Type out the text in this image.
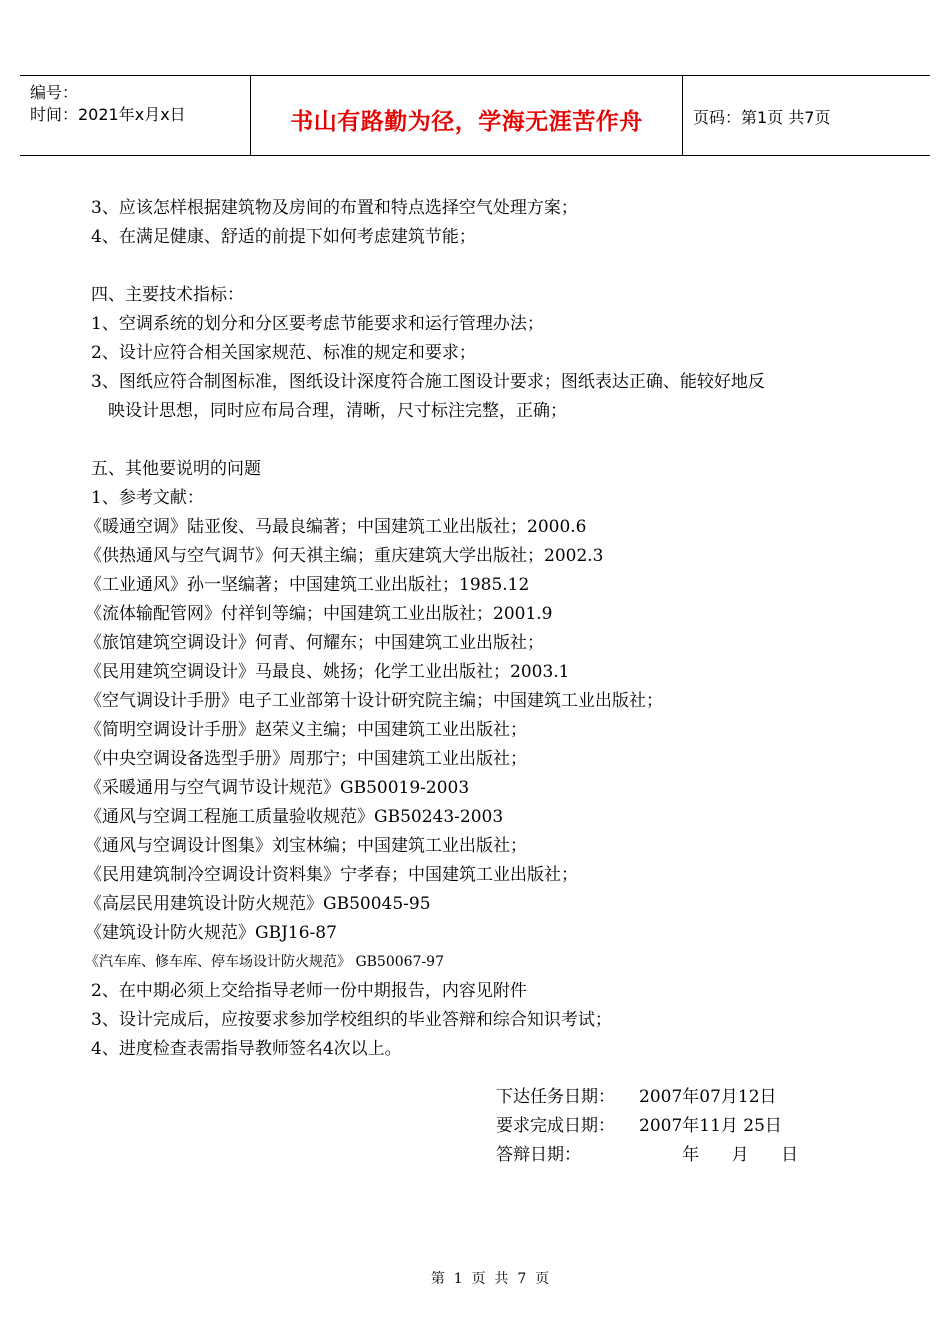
编号：
时间：2021年x月x日	书山有路勤为径，学海无涯苦作舟	页码：第1页 共7页
3、应该怎样根据建筑物及房间的布置和特点选择空气处理方案；
4、在满足健康、舒适的前提下如何考虑建筑节能；
四、主要技术指标：
1、空调系统的划分和分区要考虑节能要求和运行管理办法；
2、设计应符合相关国家规范、标准的规定和要求；
3、图纸应符合制图标准，图纸设计深度符合施工图设计要求；图纸表达正确、能较好地反
映设计思想，同时应布局合理，清晰，尺寸标注完整，正确；
五、其他要说明的问题
1、参考文献：
《暖通空调》陆亚俊、马最良编著；中国建筑工业出版社；2000.6
《供热通风与空气调节》何天祺主编；重庆建筑大学出版社；2002.3
《工业通风》孙一坚编著；中国建筑工业出版社；1985.12
《流体输配管网》付祥钊等编；中国建筑工业出版社；2001.9
《旅馆建筑空调设计》何青、何耀东；中国建筑工业出版社；
《民用建筑空调设计》马最良、姚扬；化学工业出版社；2003.1
《空气调设计手册》电子工业部第十设计研究院主编；中国建筑工业出版社；
《简明空调设计手册》赵荣义主编；中国建筑工业出版社；
《中央空调设备选型手册》周那宁；中国建筑工业出版社；
《采暖通用与空气调节设计规范》GB50019-2003
《通风与空调工程施工质量验收规范》GB50243-2003
《通风与空调设计图集》刘宝林编；中国建筑工业出版社；
《民用建筑制冷空调设计资料集》宁孝春；中国建筑工业出版社；
《高层民用建筑设计防火规范》GB50045-95
《建筑设计防火规范》GBJ16-87
《汽车库、修车库、停车场设计防火规范》 GB50067-97
2、在中期必须上交给指导老师一份中期报告，内容见附件
3、设计完成后，应按要求参加学校组织的毕业答辩和综合知识考试；
4、进度检查表需指导教师签名4次以上。
下达任务日期：	2007年07月12日
要求完成日期：	2007年11月 25日
答辩日期：	年      月      日
第  1  页  共  7  页
